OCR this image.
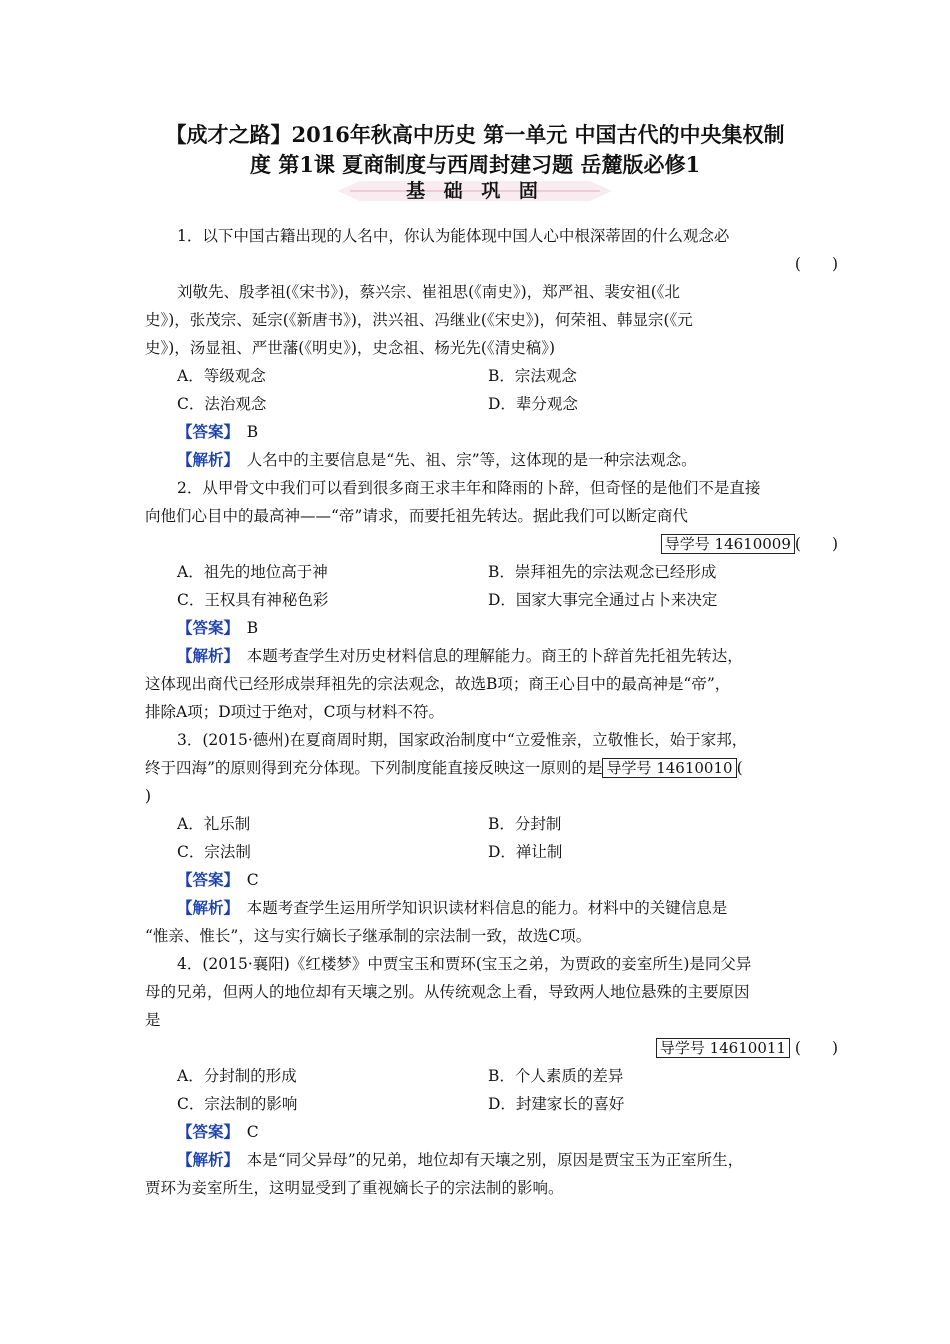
【成才之路】2016年秋高中历史 第一单元 中国古代的中央集权制
度 第1课 夏商制度与西周封建习题 岳麓版必修1
基 础 巩 固
1．以下中国古籍出现的人名中，你认为能体现中国人心中根深蒂固的什么观念必
(　　)
刘敬先、殷孝祖(《宋书》)，蔡兴宗、崔祖思(《南史》)，郑严祖、裴安祖(《北
史》)，张茂宗、延宗(《新唐书》)，洪兴祖、冯继业(《宋史》)，何荣祖、韩显宗(《元
史》)，汤显祖、严世藩(《明史》)，史念祖、杨光先(《清史稿》)
A．等级观念	B．宗法观念
C．法治观念	D．辈分观念
【答案】　 B
【解析】　 人名中的主要信息是“先、祖、宗”等，这体现的是一种宗法观念。
2．从甲骨文中我们可以看到很多商王求丰年和降雨的卜辞，但奇怪的是他们不是直接
向他们心目中的最高神——“帝”请求，而要托祖先转达。据此我们可以断定商代
导学号 14610009 (　　)
A．祖先的地位高于神	B．崇拜祖先的宗法观念已经形成
C．王权具有神秘色彩	D．国家大事完全通过占卜来决定
【答案】　 B
【解析】　 本题考查学生对历史材料信息的理解能力。商王的卜辞首先托祖先转达，
这体现出商代已经形成崇拜祖先的宗法观念，故选B项；商王心目中的最高神是“帝”，
排除A项；D项过于绝对，C项与材料不符。
3．(2015·德州)在夏商周时期，国家政治制度中“立爱惟亲，立敬惟长，始于家邦，
终于四海”的原则得到充分体现。下列制度能直接反映这一原则的是 导学号 14610010 (
)
A．礼乐制	B．分封制
C．宗法制	D．禅让制
【答案】　 C
【解析】　 本题考查学生运用所学知识识读材料信息的能力。材料中的关键信息是
“惟亲、惟长”，这与实行嫡长子继承制的宗法制一致，故选C项。
4．(2015·襄阳)《红楼梦》中贾宝玉和贾环(宝玉之弟，为贾政的妾室所生)是同父异
母的兄弟，但两人的地位却有天壤之别。从传统观念上看，导致两人地位悬殊的主要原因
是
导学号 14610011 (　　)
A．分封制的形成	B．个人素质的差异
C．宗法制的影响	D．封建家长的喜好
【答案】　 C
【解析】　 本是“同父异母”的兄弟，地位却有天壤之别，原因是贾宝玉为正室所生，
贾环为妾室所生，这明显受到了重视嫡长子的宗法制的影响。
